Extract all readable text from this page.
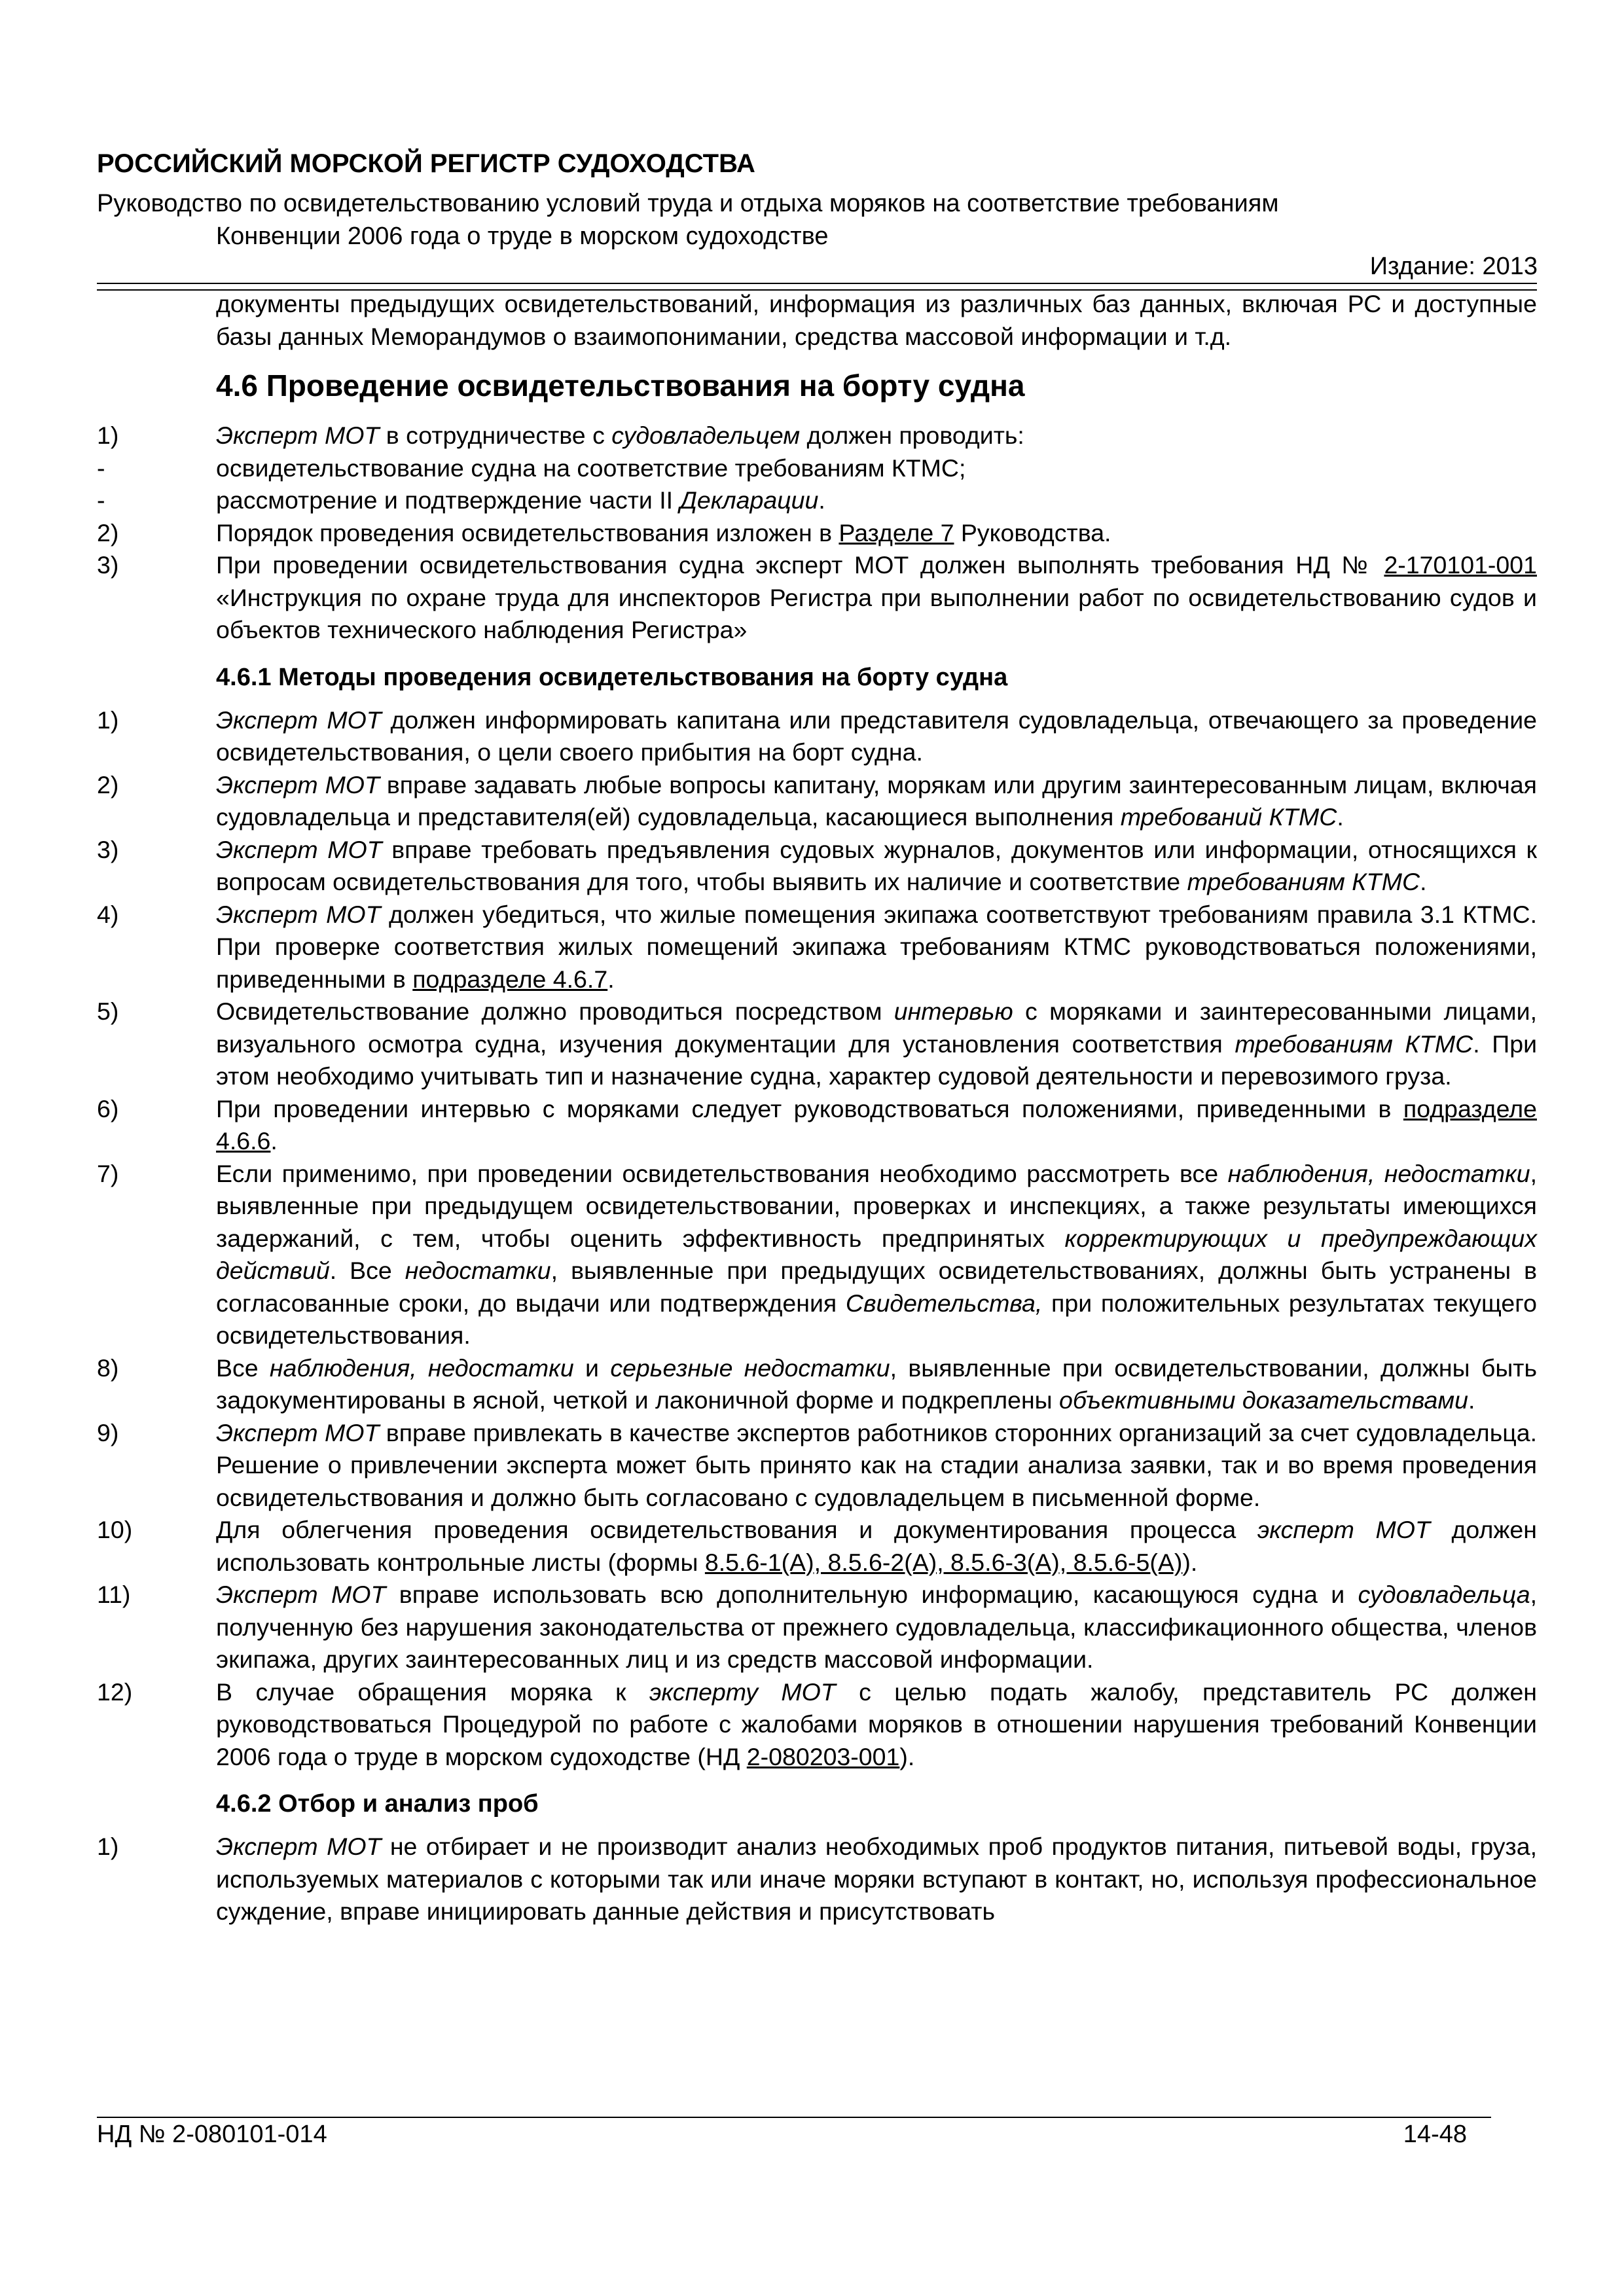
РОССИЙСКИЙ МОРСКОЙ РЕГИСТР СУДОХОДСТВА
Руководство по освидетельствованию условий труда и отдыха моряков на соответствие требованиям
Конвенции 2006 года о труде в морском судоходстве
Издание: 2013
документы предыдущих освидетельствований, информация из различных баз данных, включая РС и доступные базы данных Меморандумов о взаимопонимании, средства массовой информации и т.д.
4.6 Проведение освидетельствования на борту судна
1)	Эксперт МОТ в сотрудничестве с судовладельцем должен проводить:
-	освидетельствование судна на соответствие требованиям КТМС;
-	рассмотрение и подтверждение части II Декларации.
2)	Порядок проведения освидетельствования изложен в Разделе 7 Руководства.
3)	При проведении освидетельствования судна эксперт МОТ должен выполнять требования НД № 2-170101-001 «Инструкция по охране труда для инспекторов Регистра при выполнении работ по освидетельствованию судов и объектов технического наблюдения Регистра»
4.6.1 Методы проведения освидетельствования на борту судна
1)	Эксперт МОТ должен информировать капитана или представителя судовладельца, отвечающего за проведение освидетельствования, о цели своего прибытия на борт судна.
2)	Эксперт МОТ вправе задавать любые вопросы капитану, морякам или другим заинтересованным лицам, включая судовладельца и представителя(ей) судовладельца, касающиеся выполнения требований КТМС.
3)	Эксперт МОТ вправе требовать предъявления судовых журналов, документов или информации, относящихся к вопросам освидетельствования для того, чтобы выявить их наличие и соответствие требованиям КТМС.
4)	Эксперт МОТ должен убедиться, что жилые помещения экипажа соответствуют требованиям правила 3.1 КТМС. При проверке соответствия жилых помещений экипажа требованиям КТМС руководствоваться положениями, приведенными в подразделе 4.6.7.
5)	Освидетельствование должно проводиться посредством интервью с моряками и заинтересованными лицами, визуального осмотра судна, изучения документации для установления соответствия требованиям КТМС. При этом необходимо учитывать тип и назначение судна, характер судовой деятельности и перевозимого груза.
6)	При проведении интервью с моряками следует руководствоваться положениями, приведенными в подразделе 4.6.6.
7)	Если применимо, при проведении освидетельствования необходимо рассмотреть все наблюдения, недостатки, выявленные при предыдущем освидетельствовании, проверках и инспекциях, а также результаты имеющихся задержаний, с тем, чтобы оценить эффективность предпринятых корректирующих и предупреждающих действий. Все недостатки, выявленные при предыдущих освидетельствованиях, должны быть устранены в согласованные сроки, до выдачи или подтверждения Свидетельства, при положительных результатах текущего освидетельствования.
8)	Все наблюдения, недостатки и серьезные недостатки, выявленные при освидетельствовании, должны быть задокументированы в ясной, четкой и лаконичной форме и подкреплены объективными доказательствами.
9)	Эксперт МОТ вправе привлекать в качестве экспертов работников сторонних организаций за счет судовладельца. Решение о привлечении эксперта может быть принято как на стадии анализа заявки, так и во время проведения освидетельствования и должно быть согласовано с судовладельцем в письменной форме.
10)	Для облегчения проведения освидетельствования и документирования процесса эксперт МОТ должен использовать контрольные листы (формы 8.5.6-1(А), 8.5.6-2(А), 8.5.6-3(А), 8.5.6-5(А)).
11)	Эксперт МОТ вправе использовать всю дополнительную информацию, касающуюся судна и судовладельца, полученную без нарушения законодательства от прежнего судовладельца, классификационного общества, членов экипажа, других заинтересованных лиц и из средств массовой информации.
12)	В случае обращения моряка к эксперту МОТ с целью подать жалобу, представитель РС должен руководствоваться Процедурой по работе с жалобами моряков в отношении нарушения требований Конвенции 2006 года о труде в морском судоходстве (НД 2-080203-001).
4.6.2 Отбор и анализ проб
1)	Эксперт МОТ не отбирает и не производит анализ необходимых проб продуктов питания, питьевой воды, груза, используемых материалов с которыми так или иначе моряки вступают в контакт, но, используя профессиональное суждение, вправе инициировать данные действия и присутствовать
НД № 2-080101-014	14-48
